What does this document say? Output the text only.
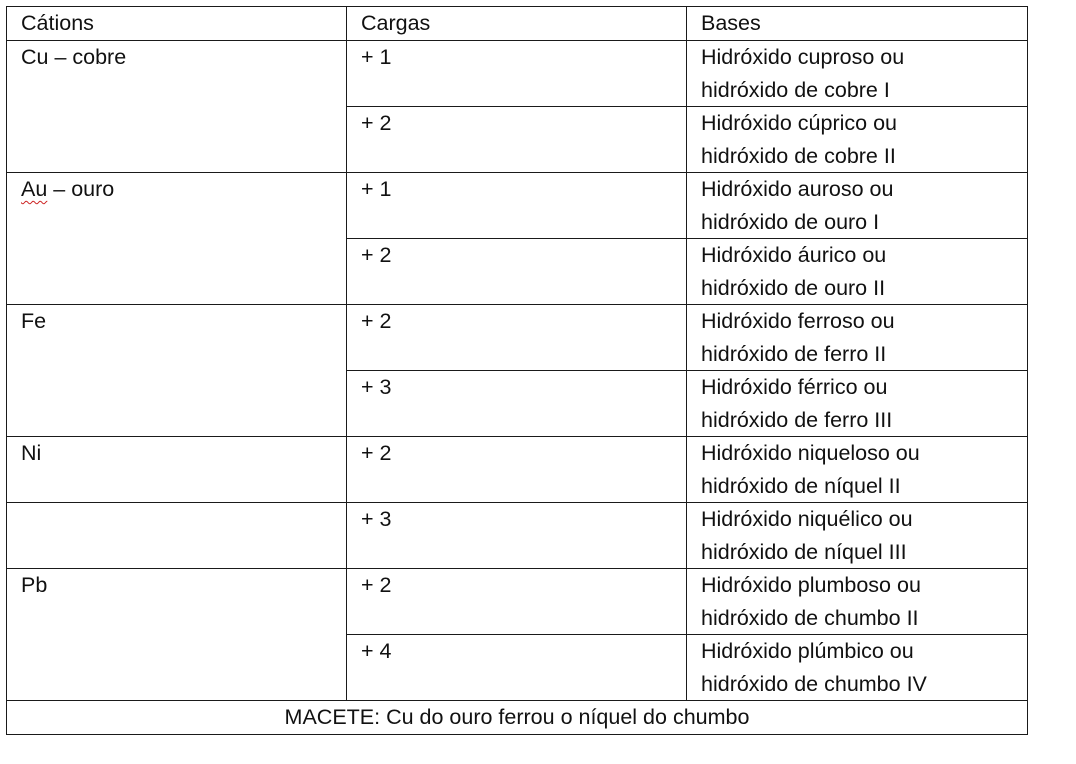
Cátions	Cargas	Bases
Cu – cobre	+ 1	Hidróxido cuproso ou
hidróxido de cobre I

	+ 2	Hidróxido cúprico ou
hidróxido de cobre II

Au – ouro	+ 1	Hidróxido auroso ou
hidróxido de ouro I

	+ 2	Hidróxido áurico ou
hidróxido de ouro II

Fe	+ 2	Hidróxido ferroso ou
hidróxido de ferro II

	+ 3	Hidróxido férrico ou
hidróxido de ferro III

Ni	+ 2	Hidróxido niqueloso ou
hidróxido de níquel II

	+ 3	Hidróxido niquélico ou
hidróxido de níquel III

Pb	+ 2	Hidróxido plumboso ou
hidróxido de chumbo II

	+ 4	Hidróxido plúmbico ou
hidróxido de chumbo IV

MACETE: Cu do ouro ferrou o níquel do chumbo		
